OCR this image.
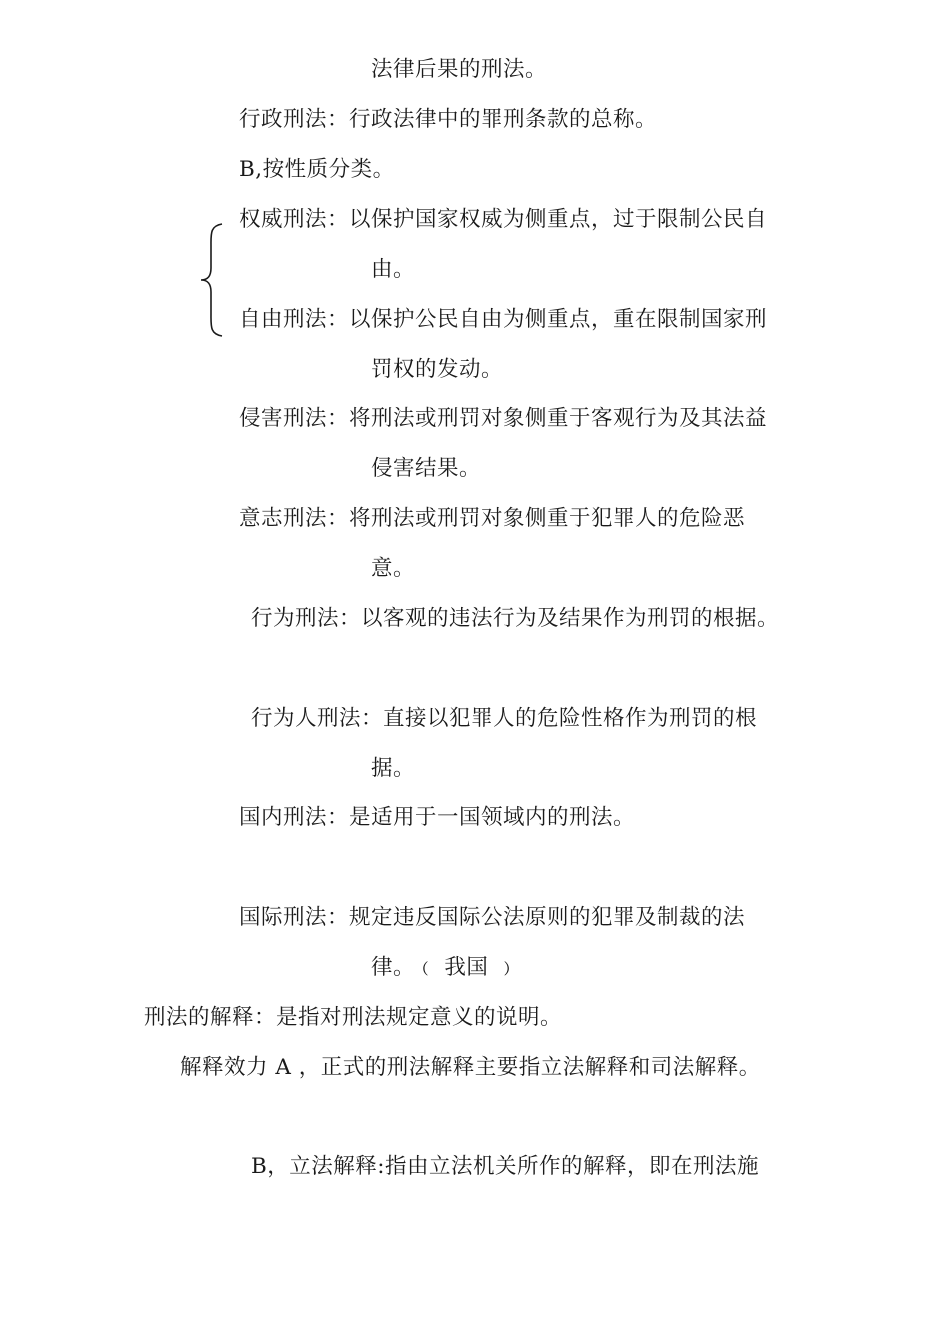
法律后果的刑法。
行政刑法：行政法律中的罪刑条款的总称。
B,按性质分类。
权威刑法：以保护国家权威为侧重点，过于限制公民自
由。
自由刑法：以保护公民自由为侧重点，重在限制国家刑
罚权的发动。
侵害刑法：将刑法或刑罚对象侧重于客观行为及其法益
侵害结果。
意志刑法：将刑法或刑罚对象侧重于犯罪人的危险恶
意。
行为刑法：以客观的违法行为及结果作为刑罚的根据。
行为人刑法：直接以犯罪人的危险性格作为刑罚的根
据。
国内刑法：是适用于一国领域内的刑法。
国际刑法：规定违反国际公法原则的犯罪及制裁的法
律。﹙ 我国 ﹚
刑法的解释：是指对刑法规定意义的说明。
解释效力 A ，正式的刑法解释主要指立法解释和司法解释。
B，立法解释:指由立法机关所作的解释，即在刑法施
